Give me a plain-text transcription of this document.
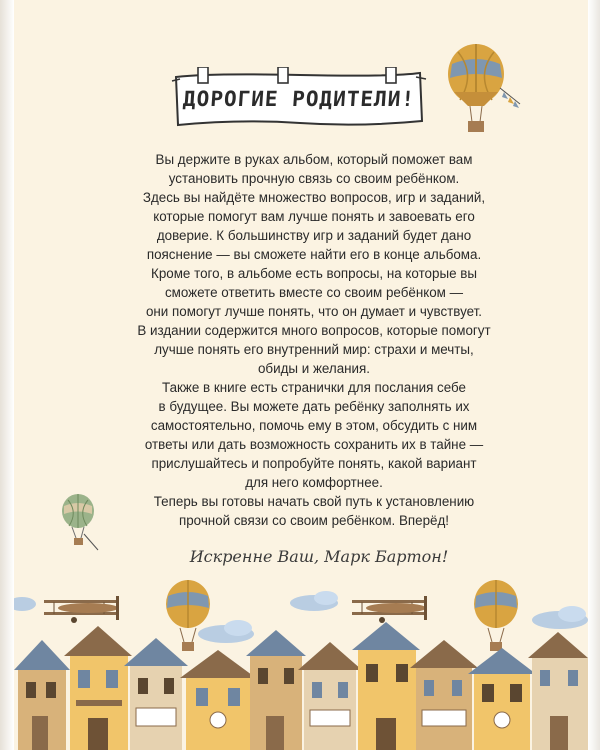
ДОРОГИЕ РОДИТЕЛИ!
Вы держите в руках альбом, который поможет вам
установить прочную связь со своим ребёнком.
Здесь вы найдёте множество вопросов, игр и заданий,
которые помогут вам лучше понять и завоевать его
доверие. К большинству игр и заданий будет дано
пояснение — вы сможете найти его в конце альбома.
Кроме того, в альбоме есть вопросы, на которые вы
сможете ответить вместе со своим ребёнком —
они помогут лучше понять, что он думает и чувствует.
В издании содержится много вопросов, которые помогут
лучше понять его внутренний мир: страхи и мечты,
обиды и желания.
Также в книге есть странички для послания себе
в будущее. Вы можете дать ребёнку заполнять их
самостоятельно, помочь ему в этом, обсудить с ним
ответы или дать возможность сохранить их в тайне —
прислушайтесь и попробуйте понять, какой вариант
для него комфортнее.
Теперь вы готовы начать свой путь к установлению
прочной связи со своим ребёнком. Вперёд!
Искренне Ваш, Марк Бартон!
